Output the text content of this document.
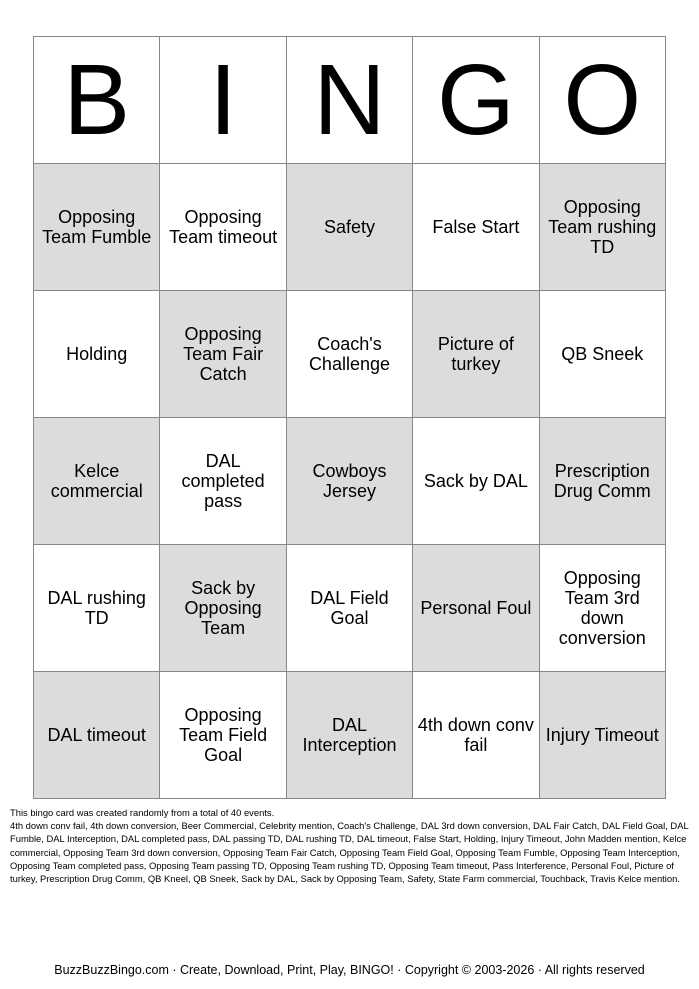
B	I	N	G	O
Opposing Team Fumble	Opposing Team timeout	Safety	False Start	Opposing Team rushing TD
Holding	Opposing Team Fair Catch	Coach's Challenge	Picture of turkey	QB Sneek
Kelce commercial	DAL completed pass	Cowboys Jersey	Sack by DAL	Prescription Drug Comm
DAL rushing TD	Sack by Opposing Team	DAL Field Goal	Personal Foul	Opposing Team 3rd down conversion
DAL timeout	Opposing Team Field Goal	DAL Interception	4th down conv fail	Injury Timeout

This bingo card was created randomly from a total of 40 events.

4th down conv fail, 4th down conversion, Beer Commercial, Celebrity mention, Coach's Challenge, DAL 3rd down conversion, DAL Fair Catch, DAL Field Goal, DAL Fumble, DAL Interception, DAL completed pass, DAL passing TD, DAL rushing TD, DAL timeout, False Start, Holding, Injury Timeout, John Madden mention, Kelce commercial, Opposing Team 3rd down conversion, Opposing Team Fair Catch, Opposing Team Field Goal, Opposing Team Fumble, Opposing Team Interception, Opposing Team completed pass, Opposing Team passing TD, Opposing Team rushing TD, Opposing Team timeout, Pass Interference, Personal Foul, Picture of turkey, Prescription Drug Comm, QB Kneel, QB Sneek, Sack by DAL, Sack by Opposing Team, Safety, State Farm commercial, Touchback, Travis Kelce mention.

BuzzBuzzBingo.com · Create, Download, Print, Play, BINGO! · Copyright © 2003-2026 · All rights reserved
